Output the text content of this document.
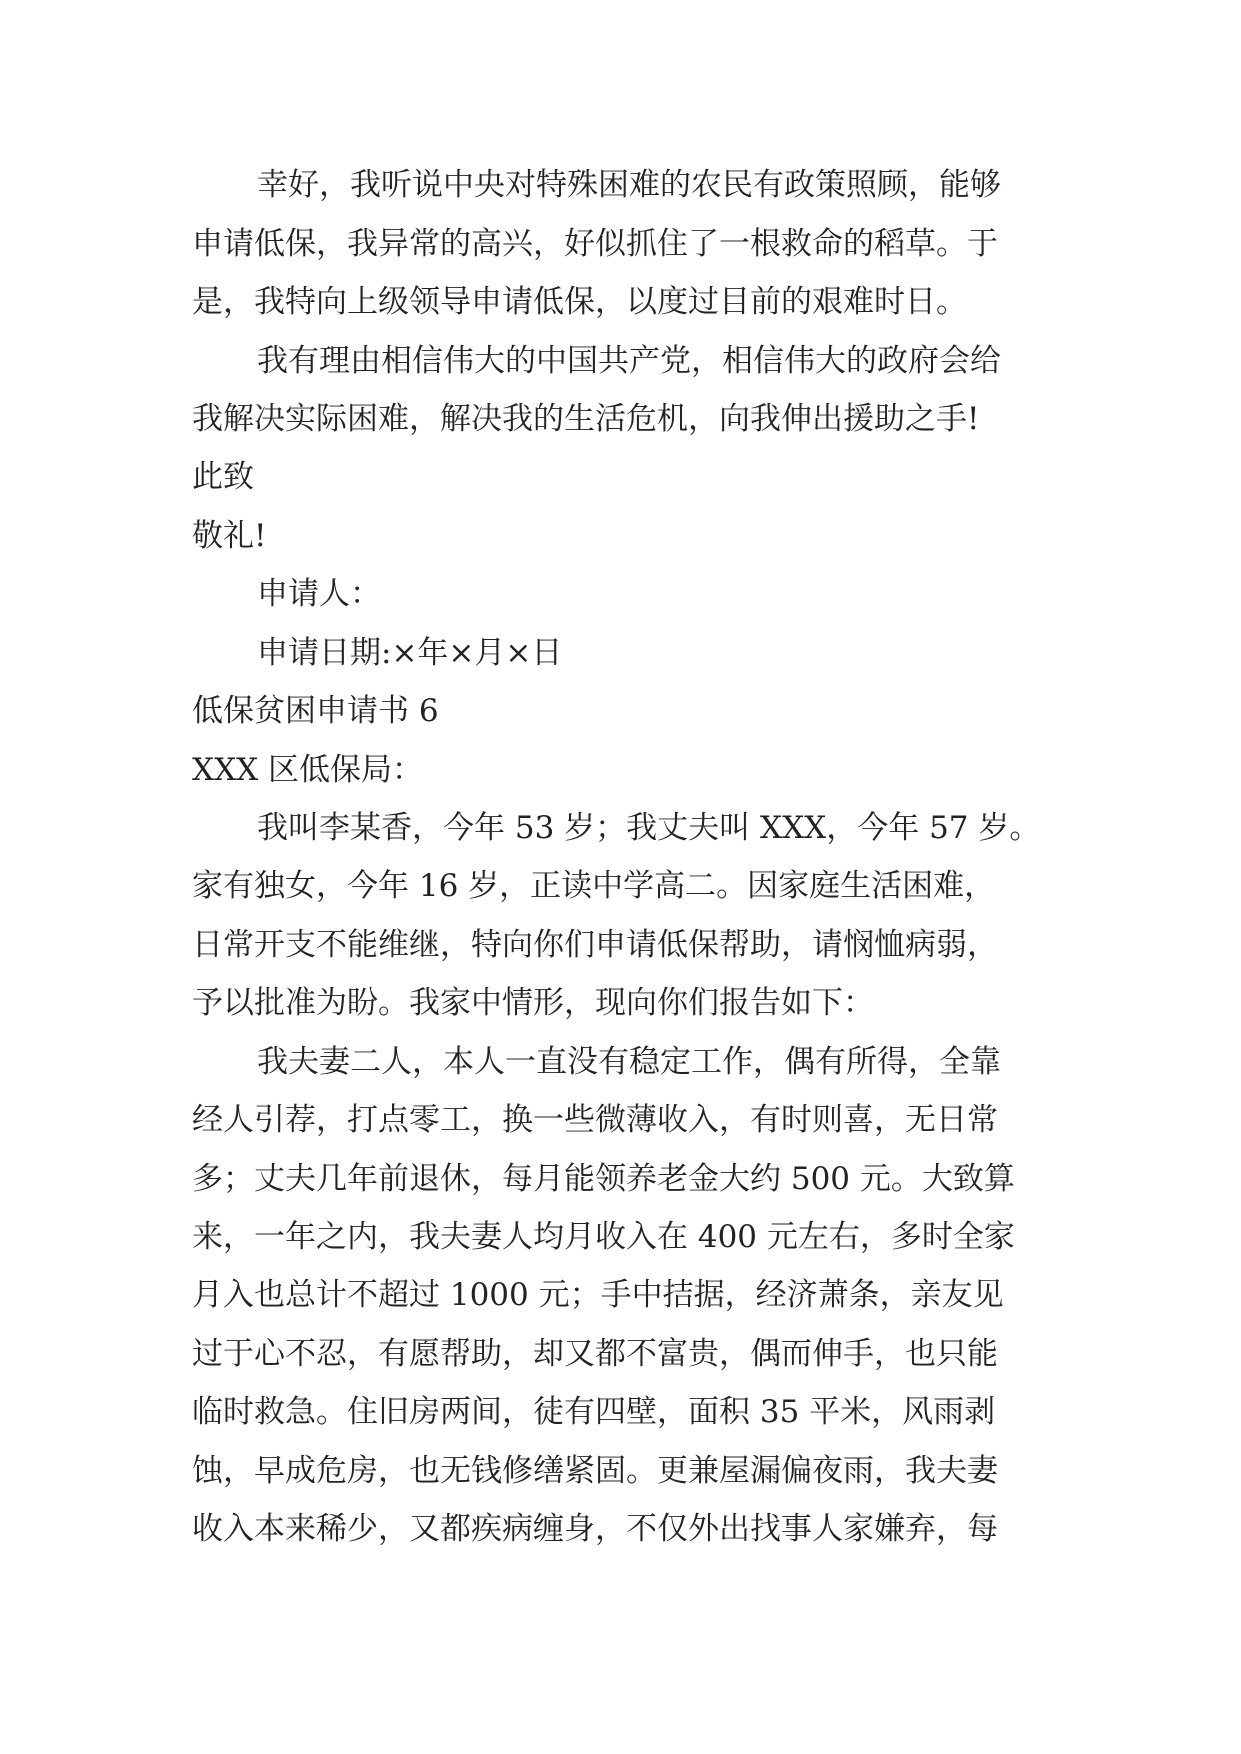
幸好，我听说中央对特殊困难的农民有政策照顾，能够
申请低保，我异常的高兴，好似抓住了一根救命的稻草。于
是，我特向上级领导申请低保，以度过目前的艰难时日。
我有理由相信伟大的中国共产党，相信伟大的政府会给
我解决实际困难，解决我的生活危机，向我伸出援助之手!
此致
敬礼!
申请人：
申请日期:×年×月×日
低保贫困申请书 6
XXX 区低保局：
我叫李某香，今年 53 岁；我丈夫叫 XXX，今年 57 岁。
家有独女，今年 16 岁，正读中学高二。因家庭生活困难，
日常开支不能维继，特向你们申请低保帮助，请悯恤病弱，
予以批准为盼。我家中情形，现向你们报告如下：
我夫妻二人，本人一直没有稳定工作，偶有所得，全靠
经人引荐，打点零工，换一些微薄收入，有时则喜，无日常
多；丈夫几年前退休，每月能领养老金大约 500 元。大致算
来，一年之内，我夫妻人均月收入在 400 元左右，多时全家
月入也总计不超过 1000 元；手中拮据，经济萧条，亲友见
过于心不忍，有愿帮助，却又都不富贵，偶而伸手，也只能
临时救急。住旧房两间，徒有四壁，面积 35 平米，风雨剥
蚀，早成危房，也无钱修缮紧固。更兼屋漏偏夜雨，我夫妻
收入本来稀少，又都疾病缠身，不仅外出找事人家嫌弃，每
